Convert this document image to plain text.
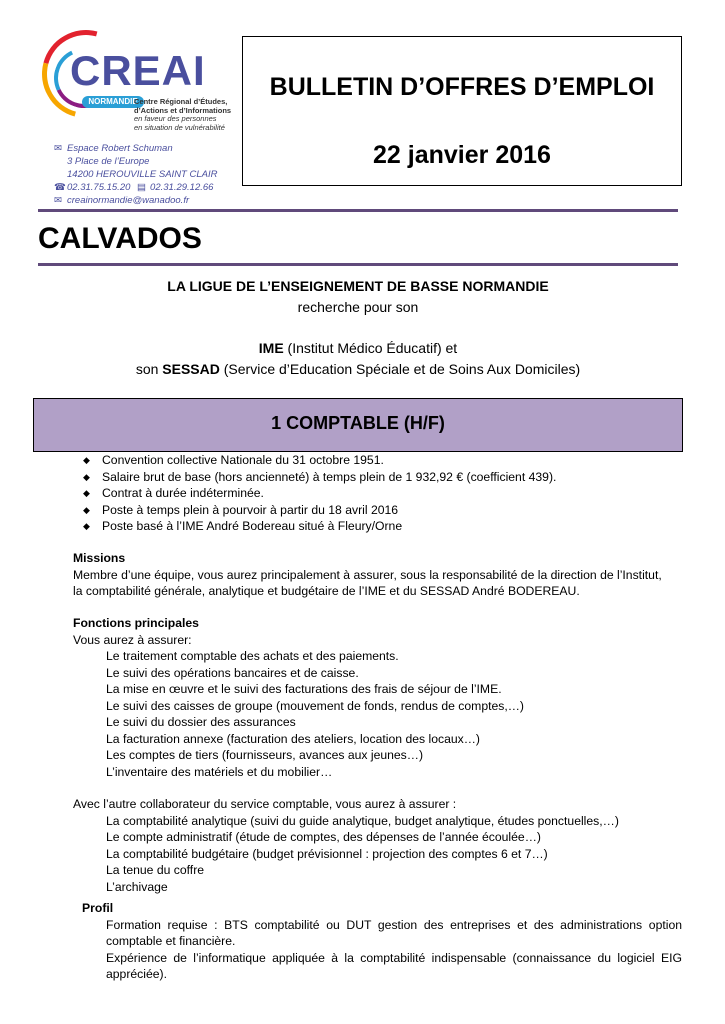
CREAI
NORMANDIE
Centre Régional d’Études,
d’Actions et d’Informations
en faveur des personnes
en situation de vulnérabilité
✉ Espace Robert Schuman
3 Place de l’Europe
14200 HEROUVILLE SAINT CLAIR
☎02.31.75.15.20 ▤ 02.31.29.12.66
✉ creainormandie@wanadoo.fr
BULLETIN D’OFFRES D’EMPLOI
22 janvier 2016
CALVADOS
LA LIGUE DE L’ENSEIGNEMENT DE BASSE NORMANDIE
recherche pour son
IME (Institut Médico Éducatif) et
son SESSAD (Service d’Education Spéciale et de Soins Aux Domiciles)
1 COMPTABLE (H/F)
◆ Convention collective Nationale du 31 octobre 1951.
◆ Salaire brut de base (hors ancienneté) à temps plein de 1 932,92 € (coefficient 439).
◆ Contrat à durée indéterminée.
◆ Poste à temps plein à pourvoir à partir du 18 avril 2016
◆ Poste basé à l’IME André Bodereau situé à Fleury/Orne
Missions
Membre d’une équipe, vous aurez principalement à assurer, sous la responsabilité de la direction de l’Institut,
la comptabilité générale, analytique et budgétaire de l’IME et du SESSAD André BODEREAU.
Fonctions principales
Vous aurez à assurer:
Le traitement comptable des achats et des paiements.
Le suivi des opérations bancaires et de caisse.
La mise en œuvre et le suivi des facturations des frais de séjour de l’IME.
Le suivi des caisses de groupe (mouvement de fonds, rendus de comptes,…)
Le suivi du dossier des assurances
La facturation annexe (facturation des ateliers, location des locaux…)
Les comptes de tiers (fournisseurs, avances aux jeunes…)
L’inventaire des matériels et du mobilier…
Avec l’autre collaborateur du service comptable, vous aurez à assurer :
La comptabilité analytique (suivi du guide analytique, budget analytique, études ponctuelles,…)
Le compte administratif (étude de comptes, des dépenses de l’année écoulée…)
La comptabilité budgétaire (budget prévisionnel : projection des comptes 6 et 7…)
La tenue du coffre
L’archivage
Profil
Formation requise : BTS comptabilité ou DUT gestion des entreprises et des administrations option comptable et financière.
Expérience de l’informatique appliquée à la comptabilité indispensable (connaissance du logiciel EIG appréciée).
